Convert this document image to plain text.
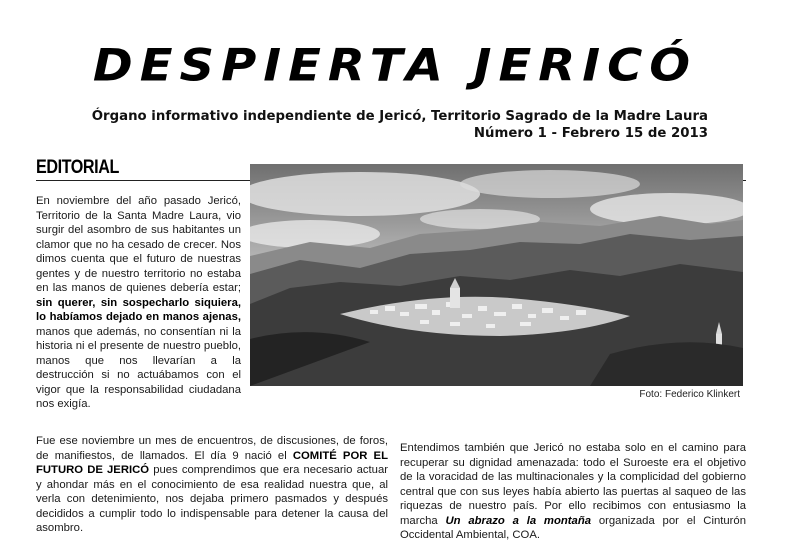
DESPIERTA JERICÓ
Órgano informativo independiente de Jericó, Territorio Sagrado de la Madre Laura
Número 1 - Febrero 15 de 2013
EDITORIAL
En noviembre del año pasado Jericó, Territorio de la Santa Madre Laura, vio surgir del asombro de sus habitantes un clamor que no ha cesado de crecer. Nos dimos cuenta que el futuro de nuestras gentes y de nuestro territorio no estaba en las manos de quienes debería estar; sin querer, sin sospecharlo siquiera, lo habíamos dejado en manos ajenas, manos que además, no consentían ni la historia ni el presente de nuestro pueblo, manos que nos llevarían a la destrucción si no actuábamos con el vigor que la responsabilidad ciudadana nos exigía.
Foto: Federico Klinkert
Fue ese noviembre un mes de encuentros, de discusiones, de foros, de manifiestos, de llamados. El día 9 nació el COMITÉ POR EL FUTURO DE JERICÓ pues comprendimos que era necesario actuar y ahondar más en el conocimiento de esa realidad nuestra que, al verla con detenimiento, nos dejaba primero pasmados y después decididos a cumplir todo lo indispensable para detener la causa del asombro.
Entendimos también que Jericó no estaba solo en el camino para recuperar su dignidad amenazada: todo el Suroeste era el objetivo de la voracidad de las multinacionales y la complicidad del gobierno central que con sus leyes había abierto las puertas al saqueo de las riquezas de nuestro país. Por ello recibimos con entusiasmo la marcha Un abrazo a la montaña organizada por el Cinturón Occidental Ambiental, COA.
